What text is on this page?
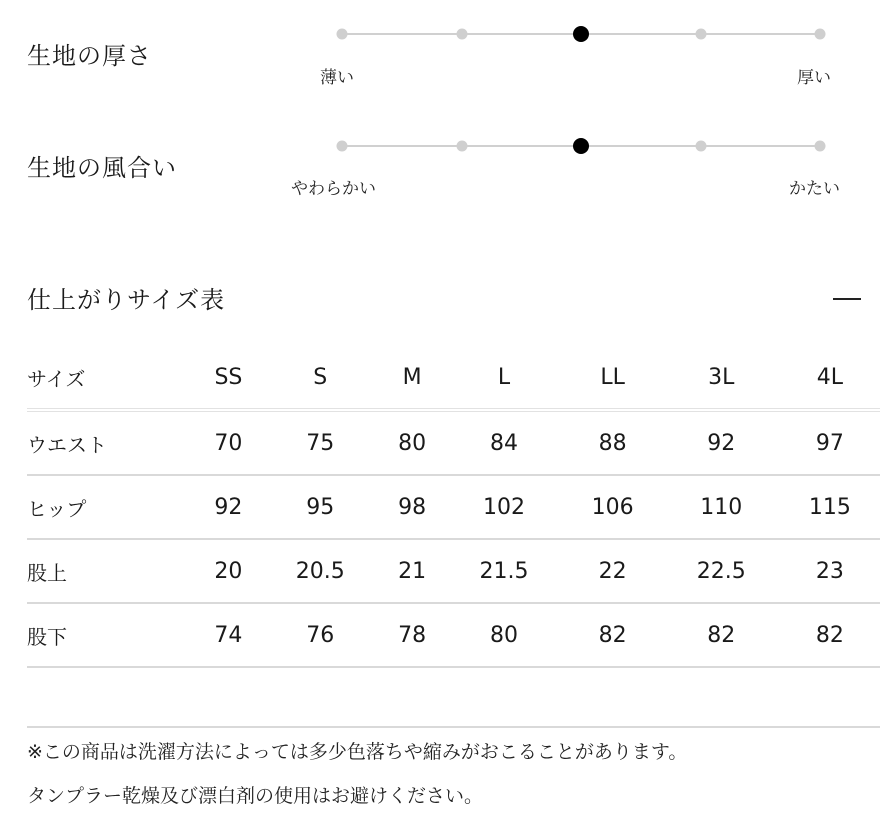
生地の厚さ
薄い	厚い
生地の風合い
やわらかい	かたい
仕上がりサイズ表
サイズ	SS	S	M	L	LL	3L	4L
ウエスト	70	75	80	84	88	92	97
ヒップ	92	95	98	102	106	110	115
股上	20	20.5	21	21.5	22	22.5	23
股下	74	76	78	80	82	82	82
※この商品は洗濯方法によっては多少色落ちや縮みがおこることがあります。
タンプラー乾燥及び漂白剤の使用はお避けください。
